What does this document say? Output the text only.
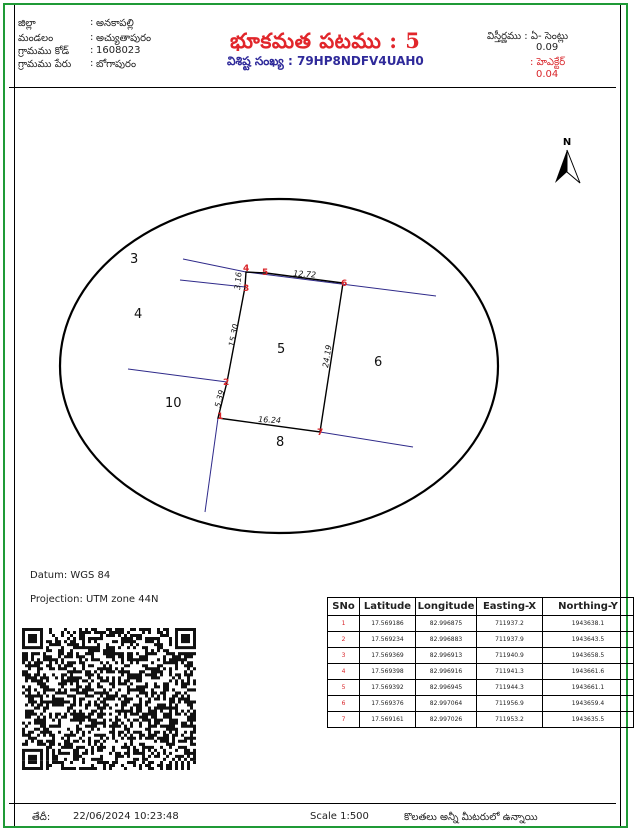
జిల్లా	: అనకాపల్లి
మండలం	: అచ్యుతాపురం
గ్రామము కోడ్	: 1608023
గ్రామము పేరు	: బోగాపురం
భూకమత పటము : 5
విశిష్ట సంఖ్య : 79HP8NDFV4UAH0
విస్తీర్ణము : ఏ- సెంట్లు
0.09
: హెఎక్టేర్
0.04
N
3
4
5
6
10
8
1
2
3
4 5
6
7
3.16	12.72
15.30
24.19
5.39
16.24
Datum: WGS 84
Projection: UTM zone 44N
SNo	Latitude	Longitude	Easting-X	Northing-Y
1	17.569186	82.996875	711937.2	1943638.1
2	17.569234	82.996883	711937.9	1943643.5
3	17.569369	82.996913	711940.9	1943658.5
4	17.569398	82.996916	711941.3	1943661.6
5	17.569392	82.996945	711944.3	1943661.1
6	17.569376	82.997064	711956.9	1943659.4
7	17.569161	82.997026	711953.2	1943635.5
తేదీ: 22/06/2024 10:23:48	Scale 1:500	కొలతలు అన్నీ మీటరులో ఉన్నాయి
